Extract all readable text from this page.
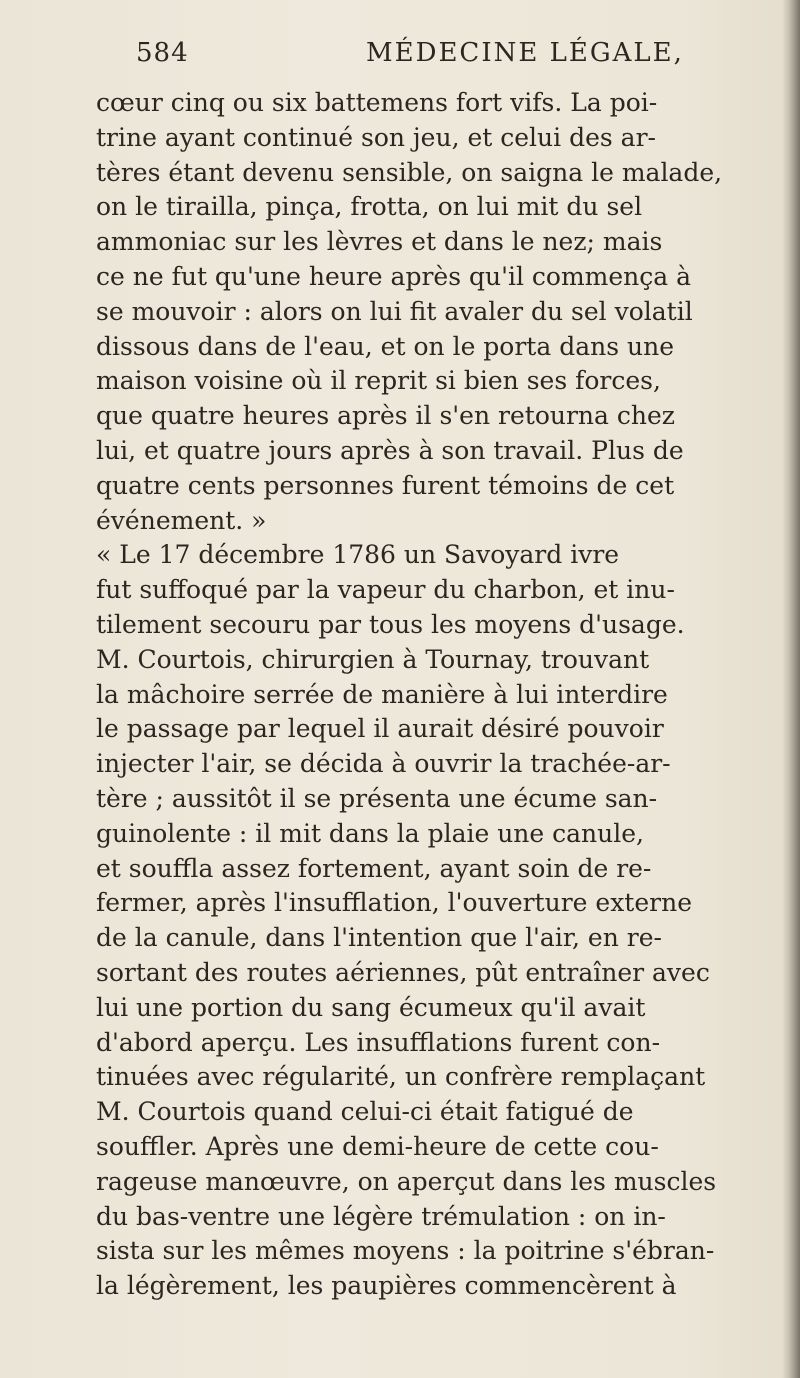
584	MÉDECINE LÉGALE,
cœur cinq ou six battemens fort vifs. La poi-
trine ayant continué son jeu, et celui des ar-
tères étant devenu sensible, on saigna le malade,
on le tirailla, pinça, frotta, on lui mit du sel
ammoniac sur les lèvres et dans le nez; mais
ce ne fut qu'une heure après qu'il commença à
se mouvoir : alors on lui fit avaler du sel volatil
dissous dans de l'eau, et on le porta dans une
maison voisine où il reprit si bien ses forces,
que quatre heures après il s'en retourna chez
lui, et quatre jours après à son travail. Plus de
quatre cents personnes furent témoins de cet
événement. »
« Le 17 décembre 1786 un Savoyard ivre
fut suffoqué par la vapeur du charbon, et inu-
tilement secouru par tous les moyens d'usage.
M. Courtois, chirurgien à Tournay, trouvant
la mâchoire serrée de manière à lui interdire
le passage par lequel il aurait désiré pouvoir
injecter l'air, se décida à ouvrir la trachée-ar-
tère ; aussitôt il se présenta une écume san-
guinolente : il mit dans la plaie une canule,
et souffla assez fortement, ayant soin de re-
fermer, après l'insufflation, l'ouverture externe
de la canule, dans l'intention que l'air, en re-
sortant des routes aériennes, pût entraîner avec
lui une portion du sang écumeux qu'il avait
d'abord aperçu. Les insufflations furent con-
tinuées avec régularité, un confrère remplaçant
M. Courtois quand celui-ci était fatigué de
souffler. Après une demi-heure de cette cou-
rageuse manœuvre, on aperçut dans les muscles
du bas-ventre une légère trémulation : on in-
sista sur les mêmes moyens : la poitrine s'ébran-
la légèrement, les paupières commencèrent à
